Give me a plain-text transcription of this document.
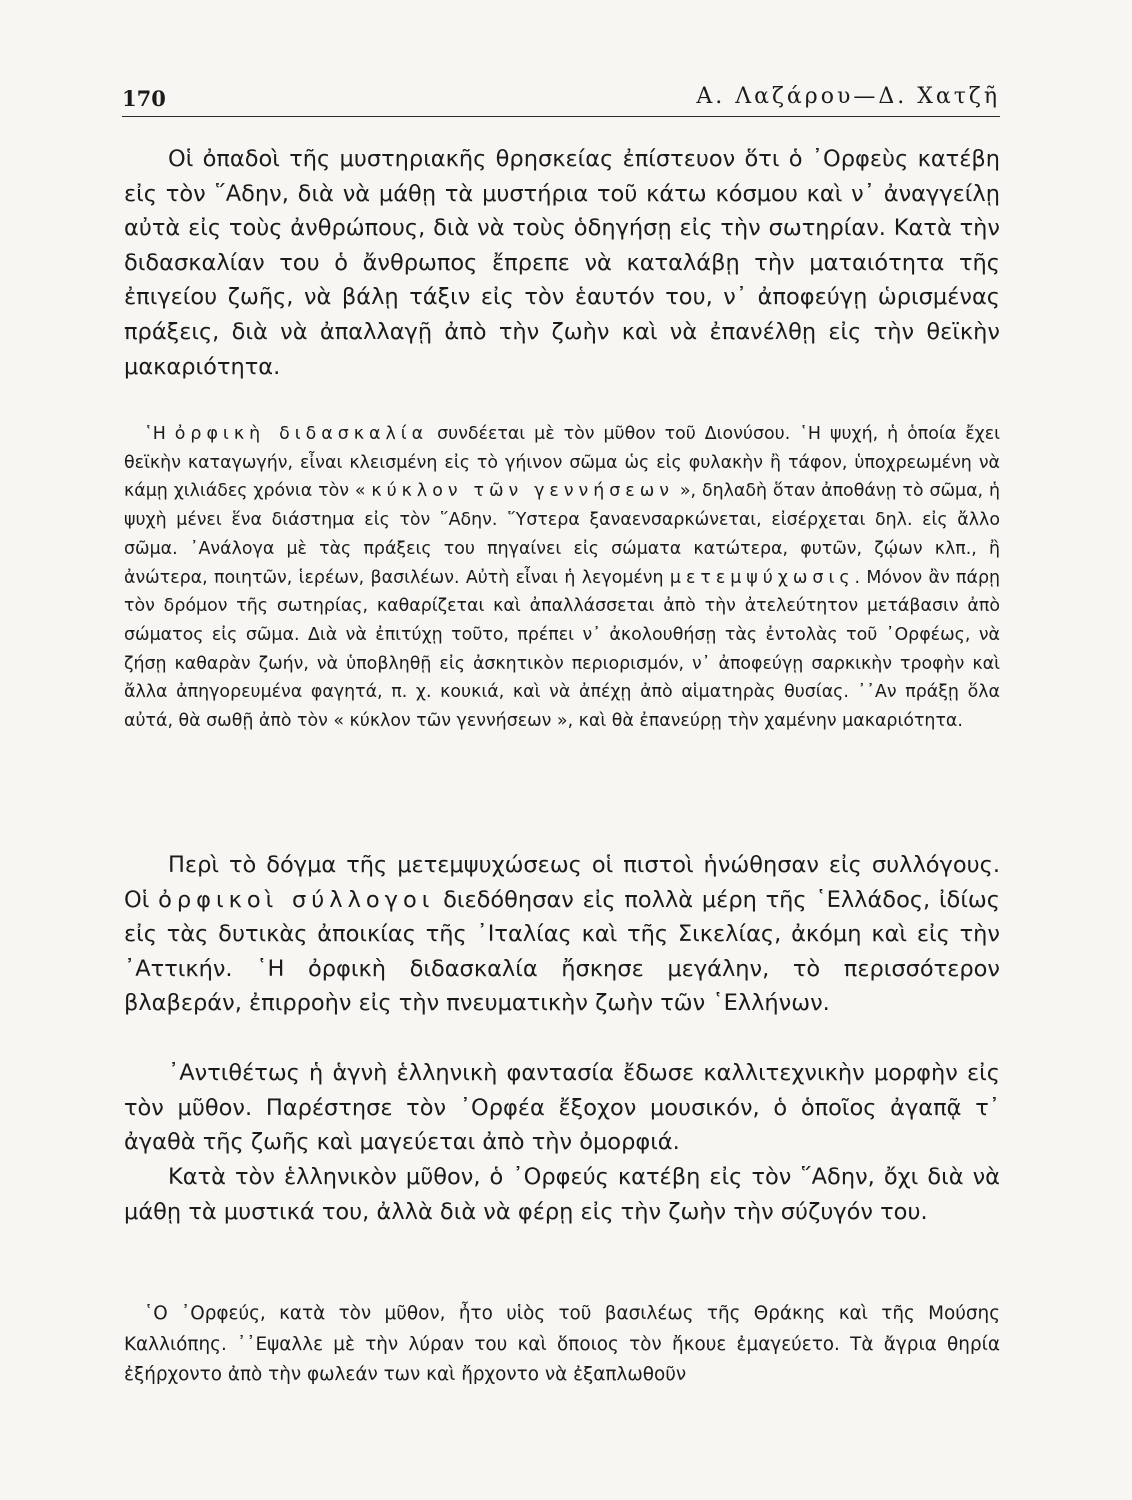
170	Α. Λαζάρου—Δ. Χατζῆ

Οἱ ὀπαδοὶ τῆς μυστηριακῆς θρησκείας ἐπίστευον ὅτι ὁ ᾿Ορφεὺς κατέβη εἰς τὸν ῞Αδην, διὰ νὰ μάθῃ τὰ μυστήρια τοῦ κάτω κόσμου καὶ ν᾿ ἀναγγείλῃ αὐτὰ εἰς τοὺς ἀνθρώπους, διὰ νὰ τοὺς ὁδηγήσῃ εἰς τὴν σωτηρίαν. Κατὰ τὴν διδασκαλίαν του ὁ ἄνθρωπος ἔπρεπε νὰ καταλάβῃ τὴν ματαιότητα τῆς ἐπιγείου ζωῆς, νὰ βάλῃ τάξιν εἰς τὸν ἑαυτόν του, ν᾿ ἀποφεύγῃ ὡρισμένας πράξεις, διὰ νὰ ἀπαλλαγῇ ἀπὸ τὴν ζωὴν καὶ νὰ ἐπανέλθῃ εἰς τὴν θεϊκὴν μακαριότητα.

῾Η ὀρφικὴ διδασκαλία συνδέεται μὲ τὸν μῦθον τοῦ Διονύσου. ῾Η ψυχή, ἡ ὁποία ἔχει θεϊκὴν καταγωγήν, εἶναι κλεισμένη εἰς τὸ γήινον σῶμα ὡς εἰς φυλακὴν ἢ τάφον, ὑποχρεωμένη νὰ κάμῃ χιλιάδες χρόνια τὸν « κύκλον τῶν γεννήσεων », δηλαδὴ ὅταν ἀποθάνῃ τὸ σῶμα, ἡ ψυχὴ μένει ἕνα διάστημα εἰς τὸν ῞Αδην. ῞Υστερα ξαναενσαρκώνεται, εἰσέρχεται δηλ. εἰς ἄλλο σῶμα. ᾿Ανάλογα μὲ τὰς πράξεις του πηγαίνει εἰς σώματα κατώτερα, φυτῶν, ζῴων κλπ., ἢ ἀνώτερα, ποιητῶν, ἱερέων, βασιλέων. Αὐτὴ εἶναι ἡ λεγομένη μετεμψύχωσις. Μόνον ἂν πάρῃ τὸν δρόμον τῆς σωτηρίας, καθαρίζεται καὶ ἀπαλλάσσεται ἀπὸ τὴν ἀτελεύτητον μετάβασιν ἀπὸ σώματος εἰς σῶμα. Διὰ νὰ ἐπιτύχῃ τοῦτο, πρέπει ν᾿ ἀκολουθήσῃ τὰς ἐντολὰς τοῦ ᾿Ορφέως, νὰ ζήσῃ καθαρὰν ζωήν, νὰ ὑποβληθῇ εἰς ἀσκητικὸν περιορισμόν, ν᾿ ἀποφεύγῃ σαρκικὴν τροφὴν καὶ ἄλλα ἀπηγορευμένα φαγητά, π. χ. κουκιά, καὶ νὰ ἀπέχῃ ἀπὸ αἱματηρὰς θυσίας. ᾿᾿Αν πράξῃ ὅλα αὐτά, θὰ σωθῇ ἀπὸ τὸν « κύκλον τῶν γεννήσεων », καὶ θὰ ἐπανεύρῃ τὴν χαμένην μακαριότητα.

Περὶ τὸ δόγμα τῆς μετεμψυχώσεως οἱ πιστοὶ ἡνώθησαν εἰς συλλόγους. Οἱ ὀρφικοὶ σύλλογοι διεδόθησαν εἰς πολλὰ μέρη τῆς ῾Ελλάδος, ἰδίως εἰς τὰς δυτικὰς ἀποικίας τῆς ᾿Ιταλίας καὶ τῆς Σικελίας, ἀκόμη καὶ εἰς τὴν ᾿Αττικήν. ῾Η ὀρφικὴ διδασκαλία ἤσκησε μεγάλην, τὸ περισσότερον βλαβεράν, ἐπιρροὴν εἰς τὴν πνευματικὴν ζωὴν τῶν ῾Ελλήνων.

᾿Αντιθέτως ἡ ἁγνὴ ἑλληνικὴ φαντασία ἔδωσε καλλιτεχνικὴν μορφὴν εἰς τὸν μῦθον. Παρέστησε τὸν ᾿Ορφέα ἔξοχον μουσικόν, ὁ ὁποῖος ἀγαπᾷ τ᾿ ἀγαθὰ τῆς ζωῆς καὶ μαγεύεται ἀπὸ τὴν ὀμορφιά.

Κατὰ τὸν ἑλληνικὸν μῦθον, ὁ ᾿Ορφεύς κατέβη εἰς τὸν ῞Αδην, ὄχι διὰ νὰ μάθῃ τὰ μυστικά του, ἀλλὰ διὰ νὰ φέρῃ εἰς τὴν ζωὴν τὴν σύζυγόν του.

῾Ο ᾿Ορφεύς, κατὰ τὸν μῦθον, ἦτο υἱὸς τοῦ βασιλέως τῆς Θράκης καὶ τῆς Μούσης Καλλιόπης. ᾿᾿Εψαλλε μὲ τὴν λύραν του καὶ ὅποιος τὸν ἤκουε ἐμαγεύετο. Τὰ ἄγρια θηρία ἐξήρχοντο ἀπὸ τὴν φωλεάν των καὶ ἤρχοντο νὰ ἐξαπλωθοῦν
